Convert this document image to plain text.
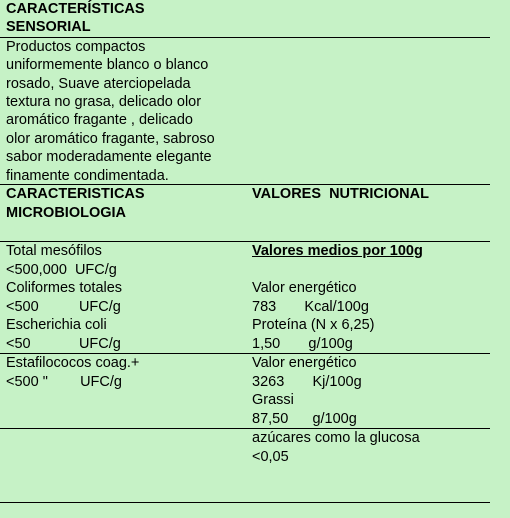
CARACTERÍSTICAS
SENSORIAL
Productos compactos
uniformemente blanco o blanco
rosado, Suave aterciopelada
textura no grasa, delicado olor
aromático fragante , delicado
olor aromático fragante, sabroso
sabor moderadamente elegante
finamente condimentada.
CARACTERISTICAS
MICROBIOLOGIA
VALORES  NUTRICIONAL
Valores medios por 100g
Total mesófilos
<500,000  UFC/g
Coliformes totales
<500          UFC/g
Escherichia coli
<50            UFC/g
Estafilococos coag.+
<500 "        UFC/g
Valor energético
783       Kcal/100g
Proteína (N x 6,25)
1,50       g/100g
Valor energético
3263       Kj/100g
Grassi
87,50      g/100g
azúcares como la glucosa
<0,05
